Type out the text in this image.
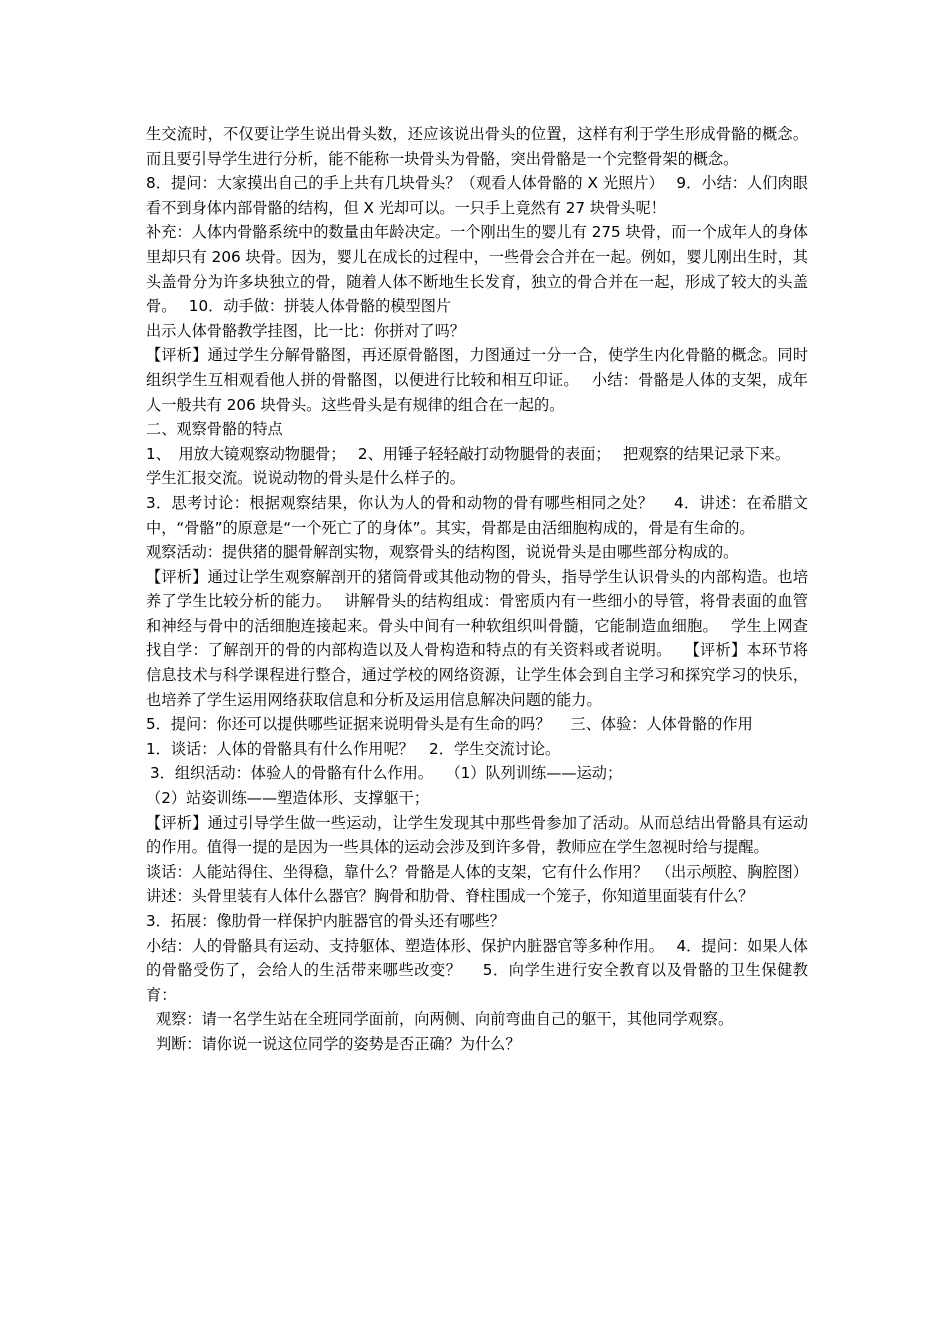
生交流时，不仅要让学生说出骨头数，还应该说出骨头的位置，这样有利于学生形成骨骼的概念。而且要引导学生进行分析，能不能称一块骨头为骨骼，突出骨骼是一个完整骨架的概念。

8．提问：大家摸出自己的手上共有几块骨头？（观看人体骨骼的 X 光照片）　 9．小结：人们肉眼看不到身体内部骨骼的结构，但 X 光却可以。一只手上竟然有 27 块骨头呢！

补充：人体内骨骼系统中的数量由年龄决定。一个刚出生的婴儿有 275 块骨，而一个成年人的身体里却只有 206 块骨。因为，婴儿在成长的过程中，一些骨会合并在一起。例如，婴儿刚出生时，其头盖骨分为许多块独立的骨，随着人体不断地生长发育，独立的骨合并在一起，形成了较大的头盖骨。　 10．动手做：拼装人体骨骼的模型图片

出示人体骨骼教学挂图，比一比：你拼对了吗？

【评析】通过学生分解骨骼图，再还原骨骼图，力图通过一分一合，使学生内化骨骼的概念。同时组织学生互相观看他人拼的骨骼图，以便进行比较和相互印证。　 小结：骨骼是人体的支架，成年人一般共有 206 块骨头。这些骨头是有规律的组合在一起的。

二、观察骨骼的特点

1、　用放大镜观察动物腿骨；　 2、用锤子轻轻敲打动物腿骨的表面；　 把观察的结果记录下来。

学生汇报交流。说说动物的骨头是什么样子的。

3．思考讨论：根据观察结果，你认为人的骨和动物的骨有哪些相同之处？　 4．讲述：在希腊文中，“骨骼”的原意是“一个死亡了的身体”。其实，骨都是由活细胞构成的，骨是有生命的。

观察活动：提供猪的腿骨解剖实物，观察骨头的结构图，说说骨头是由哪些部分构成的。

【评析】通过让学生观察解剖开的猪筒骨或其他动物的骨头，指导学生认识骨头的内部构造。也培养了学生比较分析的能力。　 讲解骨头的结构组成：骨密质内有一些细小的导管，将骨表面的血管和神经与骨中的活细胞连接起来。骨头中间有一种软组织叫骨髓，它能制造血细胞。　 学生上网查找自学：了解剖开的骨的内部构造以及人骨构造和特点的有关资料或者说明。　 【评析】本环节将信息技术与科学课程进行整合，通过学校的网络资源，让学生体会到自主学习和探究学习的快乐，也培养了学生运用网络获取信息和分析及运用信息解决问题的能力。

5．提问：你还可以提供哪些证据来说明骨头是有生命的吗？　 三、体验：人体骨骼的作用

1．谈话：人体的骨骼具有什么作用呢？　2．学生交流讨论。

3．组织活动：体验人的骨骼有什么作用。　 （1）队列训练——运动；

（2）站姿训练——塑造体形、支撑躯干；

【评析】通过引导学生做一些运动，让学生发现其中那些骨参加了活动。从而总结出骨骼具有运动的作用。值得一提的是因为一些具体的运动会涉及到许多骨，教师应在学生忽视时给与提醒。

谈话：人能站得住、坐得稳，靠什么？骨骼是人体的支架，它有什么作用？　（出示颅腔、胸腔图）讲述：头骨里装有人体什么器官？胸骨和肋骨、脊柱围成一个笼子，你知道里面装有什么？

3．拓展：像肋骨一样保护内脏器官的骨头还有哪些？

小结：人的骨骼具有运动、支持躯体、塑造体形、保护内脏器官等多种作用。　 4．提问：如果人体的骨骼受伤了，会给人的生活带来哪些改变？　 5．向学生进行安全教育以及骨骼的卫生保健教育：

观察：请一名学生站在全班同学面前，向两侧、向前弯曲自己的躯干，其他同学观察。

判断：请你说一说这位同学的姿势是否正确？为什么？
